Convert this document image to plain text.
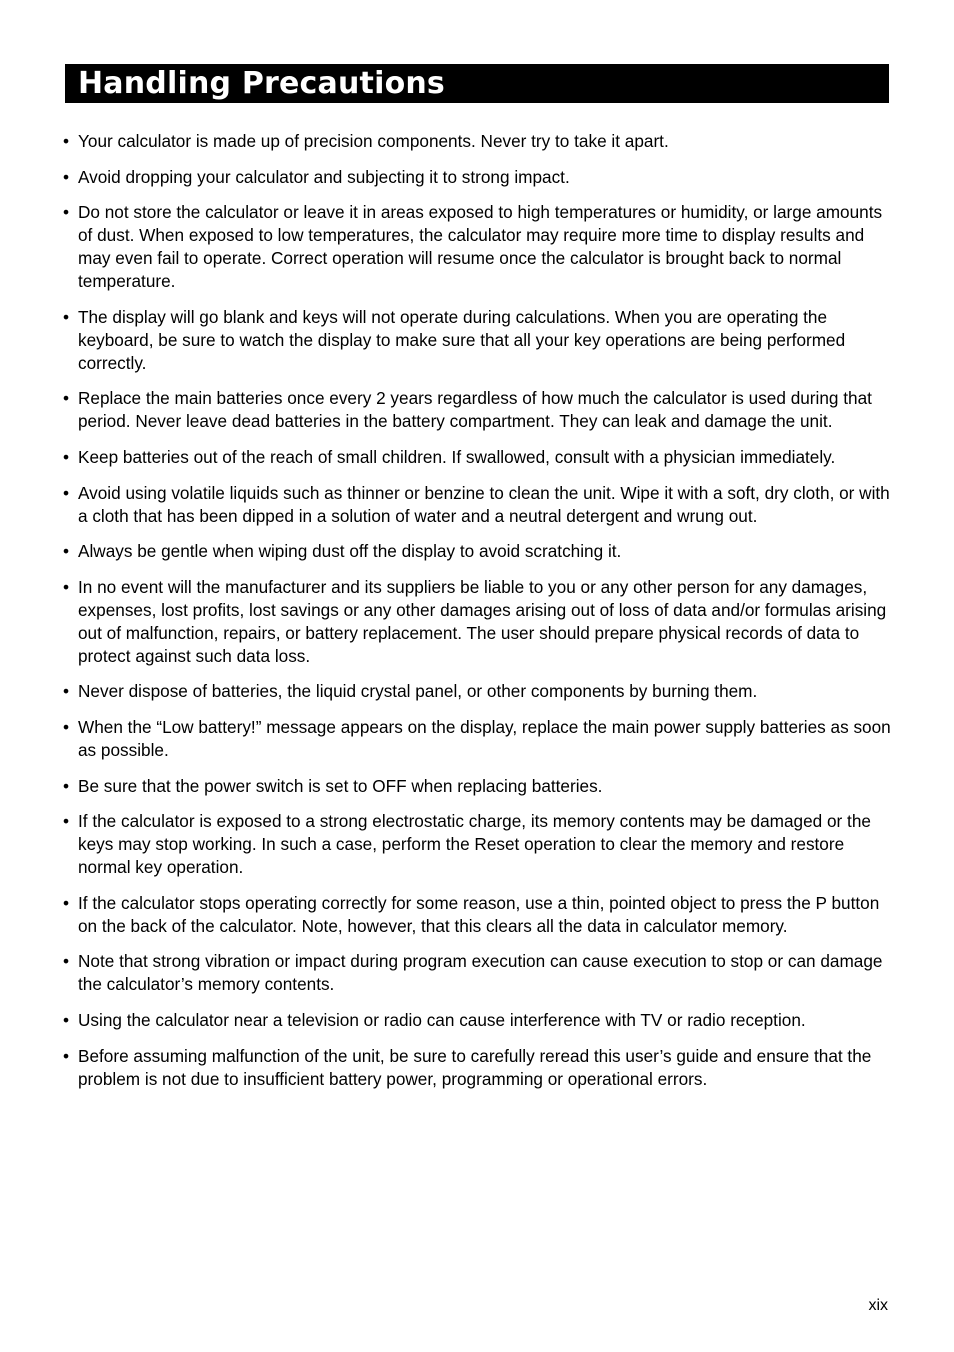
Handling Precautions
• Your calculator is made up of precision components. Never try to take it apart.
• Avoid dropping your calculator and subjecting it to strong impact.
• Do not store the calculator or leave it in areas exposed to high temperatures or humidity, or large amounts of dust. When exposed to low temperatures, the calculator may require more time to display results and may even fail to operate. Correct operation will resume once the calculator is brought back to normal temperature.
• The display will go blank and keys will not operate during calculations. When you are operating the keyboard, be sure to watch the display to make sure that all your key operations are being performed correctly.
• Replace the main batteries once every 2 years regardless of how much the calculator is used during that period. Never leave dead batteries in the battery compartment. They can leak and damage the unit.
• Keep batteries out of the reach of small children. If swallowed, consult with a physician immediately.
• Avoid using volatile liquids such as thinner or benzine to clean the unit. Wipe it with a soft, dry cloth, or with a cloth that has been dipped in a solution of water and a neutral detergent and wrung out.
• Always be gentle when wiping dust off the display to avoid scratching it.
• In no event will the manufacturer and its suppliers be liable to you or any other person for any damages, expenses, lost profits, lost savings or any other damages arising out of loss of data and/or formulas arising out of malfunction, repairs, or battery replacement. The user should prepare physical records of data to protect against such data loss.
• Never dispose of batteries, the liquid crystal panel, or other components by burning them.
• When the “Low battery!” message appears on the display, replace the main power supply batteries as soon as possible.
• Be sure that the power switch is set to OFF when replacing batteries.
• If the calculator is exposed to a strong electrostatic charge, its memory contents may be damaged or the keys may stop working. In such a case, perform the Reset operation to clear the memory and restore normal key operation.
• If the calculator stops operating correctly for some reason, use a thin, pointed object to press the P button on the back of the calculator. Note, however, that this clears all the data in calculator memory.
• Note that strong vibration or impact during program execution can cause execution to stop or can damage the calculator’s memory contents.
• Using the calculator near a television or radio can cause interference with TV or radio reception.
• Before assuming malfunction of the unit, be sure to carefully reread this user’s guide and ensure that the problem is not due to insufficient battery power, programming or operational errors.
xix
